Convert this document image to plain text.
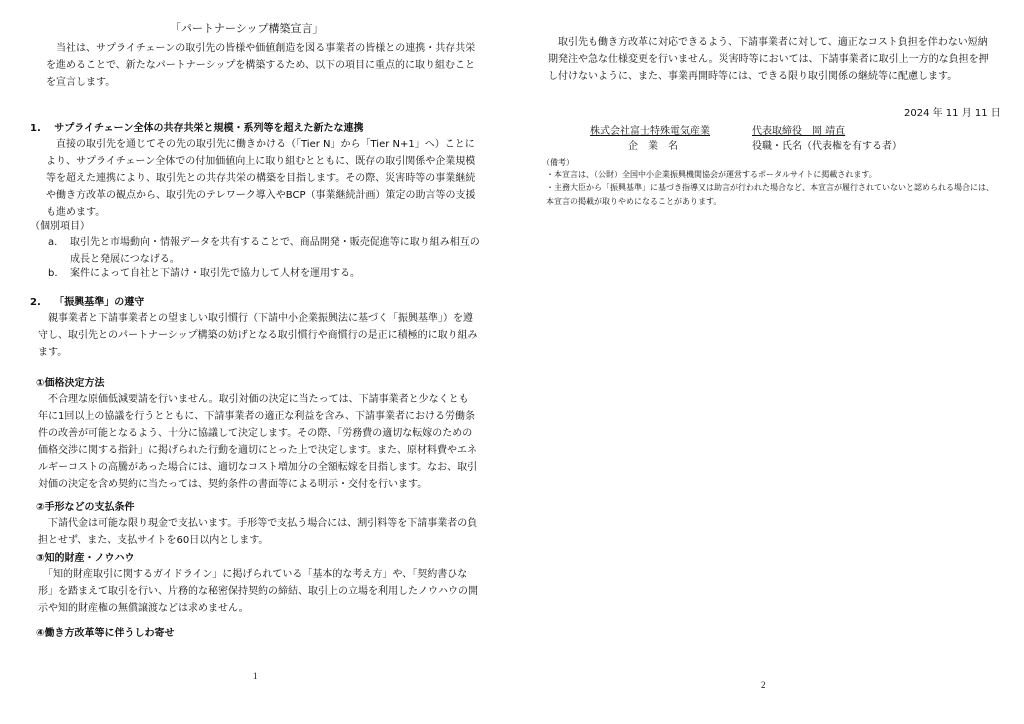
「パートナーシップ構築宣言」
　当社は、サプライチェーンの取引先の皆様や価値創造を図る事業者の皆様との連携・共存共栄を進めることで、新たなパートナーシップを構築するため、以下の項目に重点的に取り組むことを宣言します。
1.　 サプライチェーン全体の共存共栄と規模・系列等を超えた新たな連携
　直接の取引先を通じてその先の取引先に働きかける（「Tier N」から「Tier N+1」へ）ことにより、サプライチェーン全体での付加価値向上に取り組むとともに、既存の取引関係や企業規模等を超えた連携により、取引先との共存共栄の構築を目指します。その際、災害時等の事業継続や働き方改革の観点から、取引先のテレワーク導入やBCP（事業継続計画）策定の助言等の支援も進めます。
（個別項目）
a. 取引先と市場動向・情報データを共有することで、商品開発・販売促進等に取り組み相互の成長と発展につなげる。
b. 案件によって自社と下請け・取引先で協力して人材を運用する。
2.　 「振興基準」の遵守
　親事業者と下請事業者との望ましい取引慣行（下請中小企業振興法に基づく「振興基準」）を遵守し、取引先とのパートナーシップ構築の妨げとなる取引慣行や商慣行の是正に積極的に取り組みます。
①価格決定方法
　不合理な原価低減要請を行いません。取引対価の決定に当たっては、下請事業者と少なくとも年に1回以上の協議を行うとともに、下請事業者の適正な利益を含み、下請事業者における労働条件の改善が可能となるよう、十分に協議して決定します。その際、「労務費の適切な転嫁のための価格交渉に関する指針」に掲げられた行動を適切にとった上で決定します。また、原材料費やエネルギーコストの高騰があった場合には、適切なコスト増加分の全額転嫁を目指します。なお、取引対価の決定を含め契約に当たっては、契約条件の書面等による明示・交付を行います。
②手形などの支払条件
　下請代金は可能な限り現金で支払います。手形等で支払う場合には、割引料等を下請事業者の負担とせず、また、支払サイトを60日以内とします。
③知的財産・ノウハウ
　「知的財産取引に関するガイドライン」に掲げられている「基本的な考え方」や、「契約書ひな形」を踏まえて取引を行い、片務的な秘密保持契約の締結、取引上の立場を利用したノウハウの開示や知的財産権の無償譲渡などは求めません。
④働き方改革等に伴うしわ寄せ
1
　取引先も働き方改革に対応できるよう、下請事業者に対して、適正なコスト負担を伴わない短納期発注や急な仕様変更を行いません。災害時等においては、下請事業者に取引上一方的な負担を押し付けないように、また、事業再開時等には、できる限り取引関係の継続等に配慮します。
2024 年 11 月 11 日
株式会社富士特殊電気産業	代表取締役　岡 靖直
企　業　名	役職・氏名（代表権を有する者）
（備考）
・本宣言は、（公財）全国中小企業振興機関協会が運営するポータルサイトに掲載されます。
・主務大臣から「振興基準」に基づき指導又は助言が行われた場合など、本宣言が履行されていないと認められる場合には、本宣言の掲載が取りやめになることがあります。
2
